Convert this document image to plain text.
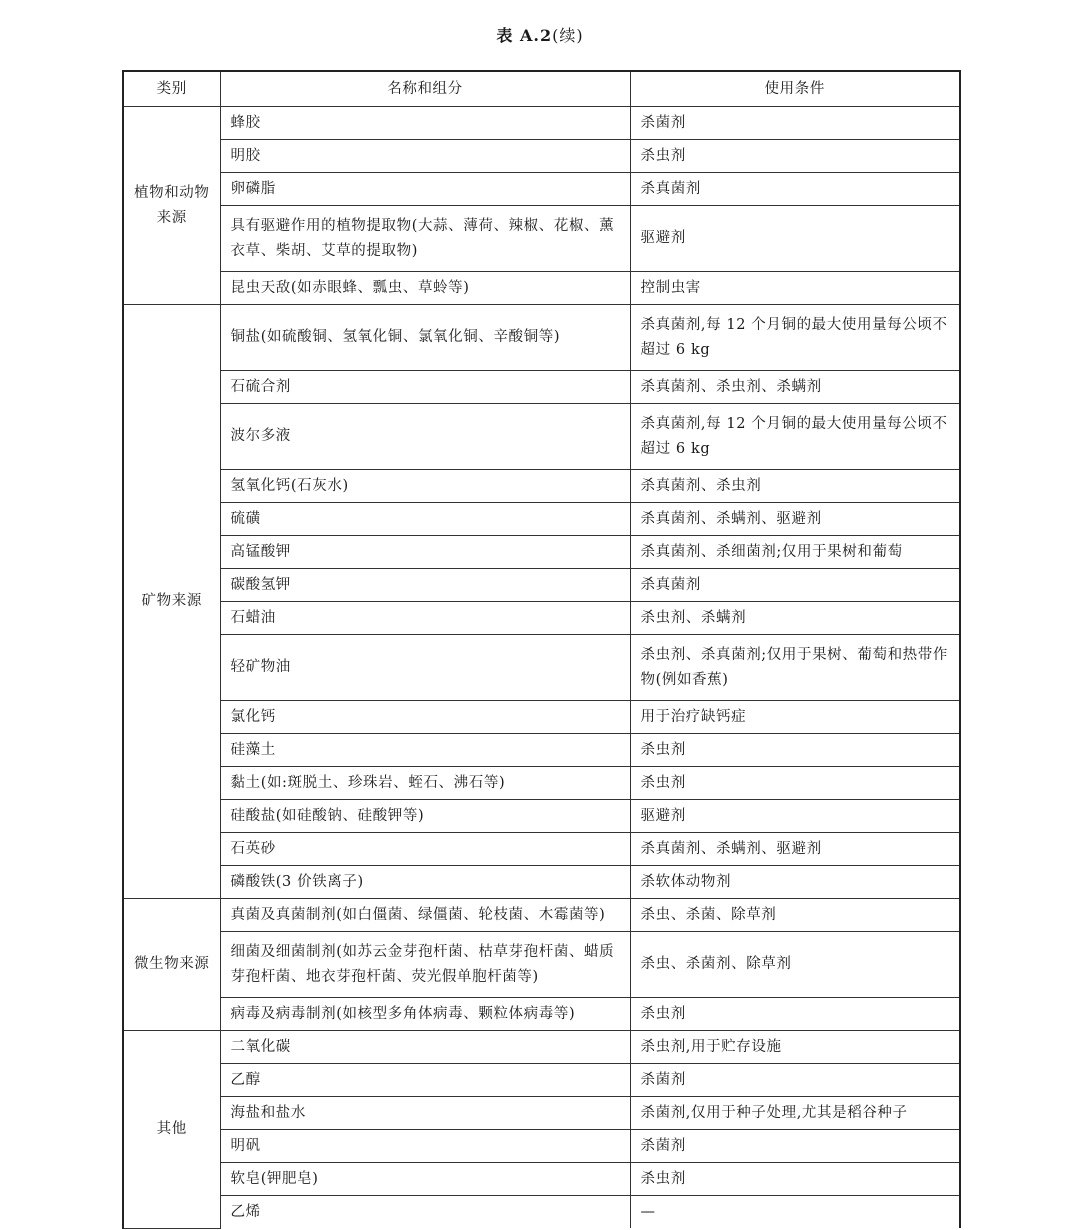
表 A.2(续)
类别	名称和组分	使用条件
植物和动物来源	蜂胶	杀菌剂
	明胶	杀虫剂
	卵磷脂	杀真菌剂
	具有驱避作用的植物提取物(大蒜、薄荷、辣椒、花椒、薰衣草、柴胡、艾草的提取物)	驱避剂
	昆虫天敌(如赤眼蜂、瓢虫、草蛉等)	控制虫害
矿物来源	铜盐(如硫酸铜、氢氧化铜、氯氧化铜、辛酸铜等)	杀真菌剂,每 12 个月铜的最大使用量每公顷不超过 6 kg
	石硫合剂	杀真菌剂、杀虫剂、杀螨剂
	波尔多液	杀真菌剂,每 12 个月铜的最大使用量每公顷不超过 6 kg
	氢氧化钙(石灰水)	杀真菌剂、杀虫剂
	硫磺	杀真菌剂、杀螨剂、驱避剂
	高锰酸钾	杀真菌剂、杀细菌剂;仅用于果树和葡萄
	碳酸氢钾	杀真菌剂
	石蜡油	杀虫剂、杀螨剂
	轻矿物油	杀虫剂、杀真菌剂;仅用于果树、葡萄和热带作物(例如香蕉)
	氯化钙	用于治疗缺钙症
	硅藻土	杀虫剂
	黏土(如:斑脱土、珍珠岩、蛭石、沸石等)	杀虫剂
	硅酸盐(如硅酸钠、硅酸钾等)	驱避剂
	石英砂	杀真菌剂、杀螨剂、驱避剂
	磷酸铁(3 价铁离子)	杀软体动物剂
微生物来源	真菌及真菌制剂(如白僵菌、绿僵菌、轮枝菌、木霉菌等)	杀虫、杀菌、除草剂
	细菌及细菌制剂(如苏云金芽孢杆菌、枯草芽孢杆菌、蜡质芽孢杆菌、地衣芽孢杆菌、荧光假单胞杆菌等)	杀虫、杀菌剂、除草剂
	病毒及病毒制剂(如核型多角体病毒、颗粒体病毒等)	杀虫剂
其他	二氧化碳	杀虫剂,用于贮存设施
	乙醇	杀菌剂
	海盐和盐水	杀菌剂,仅用于种子处理,尤其是稻谷种子
	明矾	杀菌剂
	软皂(钾肥皂)	杀虫剂
	乙烯	—
